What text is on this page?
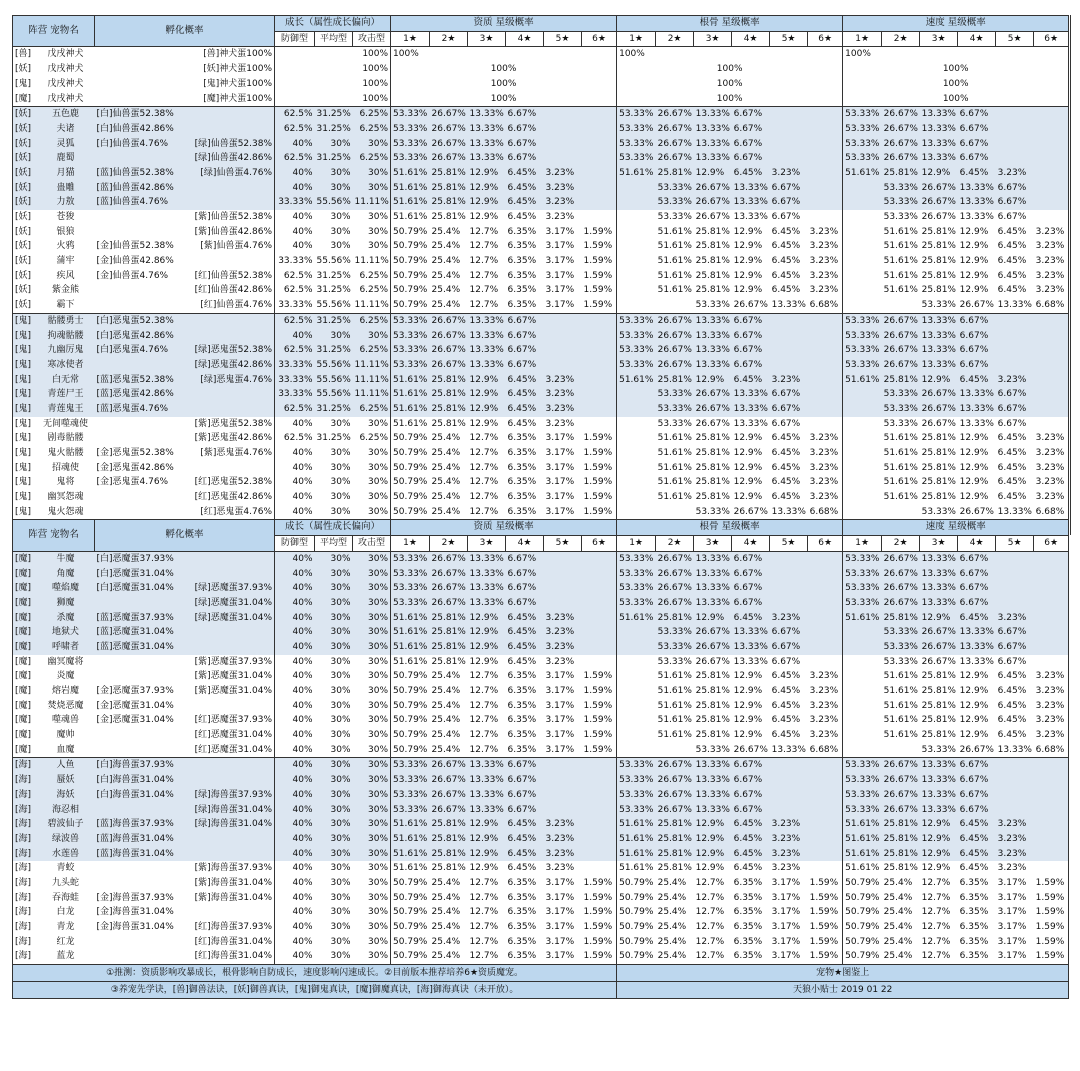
阵营 宠物名		孵化概率		成长（属性成长偏向）			资质 星级概率						根骨 星级概率						速度 星级概率					
				防御型	平均型	攻击型	1★	2★	3★	4★	5★	6★	1★	2★	3★	4★	5★	6★	1★	2★	3★	4★	5★	6★
[兽]	戊戌神犬		[兽]神犬蛋100%			100%	100%						100%						100%					
[妖]	戊戌神犬		[妖]神犬蛋100%			100%	100%						100%						100%					
[鬼]	戊戌神犬		[鬼]神犬蛋100%			100%	100%						100%						100%					
[魔]	戊戌神犬		[魔]神犬蛋100%			100%	100%						100%						100%					
[妖]	五色鹿	[白]仙兽蛋52.38%		62.5%	31.25%	6.25%	53.33%	26.67%	13.33%	6.67%			53.33%	26.67%	13.33%	6.67%			53.33%	26.67%	13.33%	6.67%		
[妖]	夫诸	[白]仙兽蛋42.86%		62.5%	31.25%	6.25%	53.33%	26.67%	13.33%	6.67%			53.33%	26.67%	13.33%	6.67%			53.33%	26.67%	13.33%	6.67%		
[妖]	灵狐	[白]仙兽蛋4.76%	[绿]仙兽蛋52.38%	40%	30%	30%	53.33%	26.67%	13.33%	6.67%			53.33%	26.67%	13.33%	6.67%			53.33%	26.67%	13.33%	6.67%		
[妖]	鹿蜀		[绿]仙兽蛋42.86%	62.5%	31.25%	6.25%	53.33%	26.67%	13.33%	6.67%			53.33%	26.67%	13.33%	6.67%			53.33%	26.67%	13.33%	6.67%		
[妖]	月猫	[蓝]仙兽蛋52.38%	[绿]仙兽蛋4.76%	40%	30%	30%	51.61%	25.81%	12.9%	6.45%	3.23%		51.61%	25.81%	12.9%	6.45%	3.23%		51.61%	25.81%	12.9%	6.45%	3.23%	
[妖]	蛊雕	[蓝]仙兽蛋42.86%		40%	30%	30%	51.61%	25.81%	12.9%	6.45%	3.23%			53.33%	26.67%	13.33%	6.67%			53.33%	26.67%	13.33%	6.67%	
[妖]	力敖	[蓝]仙兽蛋4.76%		33.33%	55.56%	11.11%	51.61%	25.81%	12.9%	6.45%	3.23%			53.33%	26.67%	13.33%	6.67%			53.33%	26.67%	13.33%	6.67%	
[妖]	苍狻		[紫]仙兽蛋52.38%	40%	30%	30%	51.61%	25.81%	12.9%	6.45%	3.23%			53.33%	26.67%	13.33%	6.67%			53.33%	26.67%	13.33%	6.67%	
[妖]	银狼		[紫]仙兽蛋42.86%	40%	30%	30%	50.79%	25.4%	12.7%	6.35%	3.17%	1.59%		51.61%	25.81%	12.9%	6.45%	3.23%		51.61%	25.81%	12.9%	6.45%	3.23%
[妖]	火鸦	[金]仙兽蛋52.38%	[紫]仙兽蛋4.76%	40%	30%	30%	50.79%	25.4%	12.7%	6.35%	3.17%	1.59%		51.61%	25.81%	12.9%	6.45%	3.23%		51.61%	25.81%	12.9%	6.45%	3.23%
[妖]	蒲牢	[金]仙兽蛋42.86%		33.33%	55.56%	11.11%	50.79%	25.4%	12.7%	6.35%	3.17%	1.59%		51.61%	25.81%	12.9%	6.45%	3.23%		51.61%	25.81%	12.9%	6.45%	3.23%
[妖]	疾风	[金]仙兽蛋4.76%	[红]仙兽蛋52.38%	62.5%	31.25%	6.25%	50.79%	25.4%	12.7%	6.35%	3.17%	1.59%		51.61%	25.81%	12.9%	6.45%	3.23%		51.61%	25.81%	12.9%	6.45%	3.23%
[妖]	紫金熊		[红]仙兽蛋42.86%	62.5%	31.25%	6.25%	50.79%	25.4%	12.7%	6.35%	3.17%	1.59%		51.61%	25.81%	12.9%	6.45%	3.23%		51.61%	25.81%	12.9%	6.45%	3.23%
[妖]	霸下		[红]仙兽蛋4.76%	33.33%	55.56%	11.11%	50.79%	25.4%	12.7%	6.35%	3.17%	1.59%			53.33%	26.67%	13.33%	6.68%			53.33%	26.67%	13.33%	6.68%
[鬼]	骷髅勇士	[白]恶鬼蛋52.38%		62.5%	31.25%	6.25%	53.33%	26.67%	13.33%	6.67%			53.33%	26.67%	13.33%	6.67%			53.33%	26.67%	13.33%	6.67%		
[鬼]	拘魂骷髅	[白]恶鬼蛋42.86%		40%	30%	30%	53.33%	26.67%	13.33%	6.67%			53.33%	26.67%	13.33%	6.67%			53.33%	26.67%	13.33%	6.67%		
[鬼]	九幽厉鬼	[白]恶鬼蛋4.76%	[绿]恶鬼蛋52.38%	62.5%	31.25%	6.25%	53.33%	26.67%	13.33%	6.67%			53.33%	26.67%	13.33%	6.67%			53.33%	26.67%	13.33%	6.67%		
[鬼]	寒冰使者		[绿]恶鬼蛋42.86%	33.33%	55.56%	11.11%	53.33%	26.67%	13.33%	6.67%			53.33%	26.67%	13.33%	6.67%			53.33%	26.67%	13.33%	6.67%		
[鬼]	白无常	[蓝]恶鬼蛋52.38%	[绿]恶鬼蛋4.76%	33.33%	55.56%	11.11%	51.61%	25.81%	12.9%	6.45%	3.23%		51.61%	25.81%	12.9%	6.45%	3.23%		51.61%	25.81%	12.9%	6.45%	3.23%	
[鬼]	青莲尸王	[蓝]恶鬼蛋42.86%		33.33%	55.56%	11.11%	51.61%	25.81%	12.9%	6.45%	3.23%			53.33%	26.67%	13.33%	6.67%			53.33%	26.67%	13.33%	6.67%	
[鬼]	青莲鬼王	[蓝]恶鬼蛋4.76%		62.5%	31.25%	6.25%	51.61%	25.81%	12.9%	6.45%	3.23%			53.33%	26.67%	13.33%	6.67%			53.33%	26.67%	13.33%	6.67%	
[鬼]	无间噬魂使		[紫]恶鬼蛋52.38%	40%	30%	30%	51.61%	25.81%	12.9%	6.45%	3.23%			53.33%	26.67%	13.33%	6.67%			53.33%	26.67%	13.33%	6.67%	
[鬼]	剧毒骷髅		[紫]恶鬼蛋42.86%	62.5%	31.25%	6.25%	50.79%	25.4%	12.7%	6.35%	3.17%	1.59%		51.61%	25.81%	12.9%	6.45%	3.23%		51.61%	25.81%	12.9%	6.45%	3.23%
[鬼]	鬼火骷髅	[金]恶鬼蛋52.38%	[紫]恶鬼蛋4.76%	40%	30%	30%	50.79%	25.4%	12.7%	6.35%	3.17%	1.59%		51.61%	25.81%	12.9%	6.45%	3.23%		51.61%	25.81%	12.9%	6.45%	3.23%
[鬼]	招魂使	[金]恶鬼蛋42.86%		40%	30%	30%	50.79%	25.4%	12.7%	6.35%	3.17%	1.59%		51.61%	25.81%	12.9%	6.45%	3.23%		51.61%	25.81%	12.9%	6.45%	3.23%
[鬼]	鬼将	[金]恶鬼蛋4.76%	[红]恶鬼蛋52.38%	40%	30%	30%	50.79%	25.4%	12.7%	6.35%	3.17%	1.59%		51.61%	25.81%	12.9%	6.45%	3.23%		51.61%	25.81%	12.9%	6.45%	3.23%
[鬼]	幽冥怨魂		[红]恶鬼蛋42.86%	40%	30%	30%	50.79%	25.4%	12.7%	6.35%	3.17%	1.59%		51.61%	25.81%	12.9%	6.45%	3.23%		51.61%	25.81%	12.9%	6.45%	3.23%
[鬼]	鬼火怨魂		[红]恶鬼蛋4.76%	40%	30%	30%	50.79%	25.4%	12.7%	6.35%	3.17%	1.59%			53.33%	26.67%	13.33%	6.68%			53.33%	26.67%	13.33%	6.68%
阵营 宠物名		孵化概率		成长（属性成长偏向）			资质 星级概率						根骨 星级概率						速度 星级概率					
				防御型	平均型	攻击型	1★	2★	3★	4★	5★	6★	1★	2★	3★	4★	5★	6★	1★	2★	3★	4★	5★	6★
[魔]	牛魔	[白]恶魔蛋37.93%		40%	30%	30%	53.33%	26.67%	13.33%	6.67%			53.33%	26.67%	13.33%	6.67%			53.33%	26.67%	13.33%	6.67%		
[魔]	角魔	[白]恶魔蛋31.04%		40%	30%	30%	53.33%	26.67%	13.33%	6.67%			53.33%	26.67%	13.33%	6.67%			53.33%	26.67%	13.33%	6.67%		
[魔]	噬焰魔	[白]恶魔蛋31.04%	[绿]恶魔蛋37.93%	40%	30%	30%	53.33%	26.67%	13.33%	6.67%			53.33%	26.67%	13.33%	6.67%			53.33%	26.67%	13.33%	6.67%		
[魔]	狮魔		[绿]恶魔蛋31.04%	40%	30%	30%	53.33%	26.67%	13.33%	6.67%			53.33%	26.67%	13.33%	6.67%			53.33%	26.67%	13.33%	6.67%		
[魔]	杀魔	[蓝]恶魔蛋37.93%	[绿]恶魔蛋31.04%	40%	30%	30%	51.61%	25.81%	12.9%	6.45%	3.23%		51.61%	25.81%	12.9%	6.45%	3.23%		51.61%	25.81%	12.9%	6.45%	3.23%	
[魔]	地狱犬	[蓝]恶魔蛋31.04%		40%	30%	30%	51.61%	25.81%	12.9%	6.45%	3.23%			53.33%	26.67%	13.33%	6.67%			53.33%	26.67%	13.33%	6.67%	
[魔]	呼啸者	[蓝]恶魔蛋31.04%		40%	30%	30%	51.61%	25.81%	12.9%	6.45%	3.23%			53.33%	26.67%	13.33%	6.67%			53.33%	26.67%	13.33%	6.67%	
[魔]	幽冥魔将		[紫]恶魔蛋37.93%	40%	30%	30%	51.61%	25.81%	12.9%	6.45%	3.23%			53.33%	26.67%	13.33%	6.67%			53.33%	26.67%	13.33%	6.67%	
[魔]	炎魔		[紫]恶魔蛋31.04%	40%	30%	30%	50.79%	25.4%	12.7%	6.35%	3.17%	1.59%		51.61%	25.81%	12.9%	6.45%	3.23%		51.61%	25.81%	12.9%	6.45%	3.23%
[魔]	熔岩魔	[金]恶魔蛋37.93%	[紫]恶魔蛋31.04%	40%	30%	30%	50.79%	25.4%	12.7%	6.35%	3.17%	1.59%		51.61%	25.81%	12.9%	6.45%	3.23%		51.61%	25.81%	12.9%	6.45%	3.23%
[魔]	焚烧恶魔	[金]恶魔蛋31.04%		40%	30%	30%	50.79%	25.4%	12.7%	6.35%	3.17%	1.59%		51.61%	25.81%	12.9%	6.45%	3.23%		51.61%	25.81%	12.9%	6.45%	3.23%
[魔]	噬魂兽	[金]恶魔蛋31.04%	[红]恶魔蛋37.93%	40%	30%	30%	50.79%	25.4%	12.7%	6.35%	3.17%	1.59%		51.61%	25.81%	12.9%	6.45%	3.23%		51.61%	25.81%	12.9%	6.45%	3.23%
[魔]	魔帅		[红]恶魔蛋31.04%	40%	30%	30%	50.79%	25.4%	12.7%	6.35%	3.17%	1.59%		51.61%	25.81%	12.9%	6.45%	3.23%		51.61%	25.81%	12.9%	6.45%	3.23%
[魔]	血魔		[红]恶魔蛋31.04%	40%	30%	30%	50.79%	25.4%	12.7%	6.35%	3.17%	1.59%			53.33%	26.67%	13.33%	6.68%			53.33%	26.67%	13.33%	6.68%
[海]	人鱼	[白]海兽蛋37.93%		40%	30%	30%	53.33%	26.67%	13.33%	6.67%			53.33%	26.67%	13.33%	6.67%			53.33%	26.67%	13.33%	6.67%		
[海]	蜃妖	[白]海兽蛋31.04%		40%	30%	30%	53.33%	26.67%	13.33%	6.67%			53.33%	26.67%	13.33%	6.67%			53.33%	26.67%	13.33%	6.67%		
[海]	海妖	[白]海兽蛋31.04%	[绿]海兽蛋37.93%	40%	30%	30%	53.33%	26.67%	13.33%	6.67%			53.33%	26.67%	13.33%	6.67%			53.33%	26.67%	13.33%	6.67%		
[海]	海忍相		[绿]海兽蛋31.04%	40%	30%	30%	53.33%	26.67%	13.33%	6.67%			53.33%	26.67%	13.33%	6.67%			53.33%	26.67%	13.33%	6.67%		
[海]	碧波仙子	[蓝]海兽蛋37.93%	[绿]海兽蛋31.04%	40%	30%	30%	51.61%	25.81%	12.9%	6.45%	3.23%		51.61%	25.81%	12.9%	6.45%	3.23%		51.61%	25.81%	12.9%	6.45%	3.23%	
[海]	绿波兽	[蓝]海兽蛋31.04%		40%	30%	30%	51.61%	25.81%	12.9%	6.45%	3.23%		51.61%	25.81%	12.9%	6.45%	3.23%		51.61%	25.81%	12.9%	6.45%	3.23%	
[海]	水莲兽	[蓝]海兽蛋31.04%		40%	30%	30%	51.61%	25.81%	12.9%	6.45%	3.23%		51.61%	25.81%	12.9%	6.45%	3.23%		51.61%	25.81%	12.9%	6.45%	3.23%	
[海]	青蛟		[紫]海兽蛋37.93%	40%	30%	30%	51.61%	25.81%	12.9%	6.45%	3.23%		51.61%	25.81%	12.9%	6.45%	3.23%		51.61%	25.81%	12.9%	6.45%	3.23%	
[海]	九头蛇		[紫]海兽蛋31.04%	40%	30%	30%	50.79%	25.4%	12.7%	6.35%	3.17%	1.59%	50.79%	25.4%	12.7%	6.35%	3.17%	1.59%	50.79%	25.4%	12.7%	6.35%	3.17%	1.59%
[海]	吞海蛙	[金]海兽蛋37.93%	[紫]海兽蛋31.04%	40%	30%	30%	50.79%	25.4%	12.7%	6.35%	3.17%	1.59%	50.79%	25.4%	12.7%	6.35%	3.17%	1.59%	50.79%	25.4%	12.7%	6.35%	3.17%	1.59%
[海]	白龙	[金]海兽蛋31.04%		40%	30%	30%	50.79%	25.4%	12.7%	6.35%	3.17%	1.59%	50.79%	25.4%	12.7%	6.35%	3.17%	1.59%	50.79%	25.4%	12.7%	6.35%	3.17%	1.59%
[海]	青龙	[金]海兽蛋31.04%	[红]海兽蛋37.93%	40%	30%	30%	50.79%	25.4%	12.7%	6.35%	3.17%	1.59%	50.79%	25.4%	12.7%	6.35%	3.17%	1.59%	50.79%	25.4%	12.7%	6.35%	3.17%	1.59%
[海]	红龙		[红]海兽蛋31.04%	40%	30%	30%	50.79%	25.4%	12.7%	6.35%	3.17%	1.59%	50.79%	25.4%	12.7%	6.35%	3.17%	1.59%	50.79%	25.4%	12.7%	6.35%	3.17%	1.59%
[海]	蓝龙		[红]海兽蛋31.04%	40%	30%	30%	50.79%	25.4%	12.7%	6.35%	3.17%	1.59%	50.79%	25.4%	12.7%	6.35%	3.17%	1.59%	50.79%	25.4%	12.7%	6.35%	3.17%	1.59%
①推测：资质影响攻暴成长，根骨影响自防成长，速度影响闪速成长。②目前版本推荐培养6★资质魔宠。													宠物★图鉴上											
③养宠先学诀，[兽]御兽法诀，[妖]御兽真诀，[鬼]御鬼真诀，[魔]御魔真诀，[海]御海真诀（未开放）。													天狼小贴士 2019 01 22											
